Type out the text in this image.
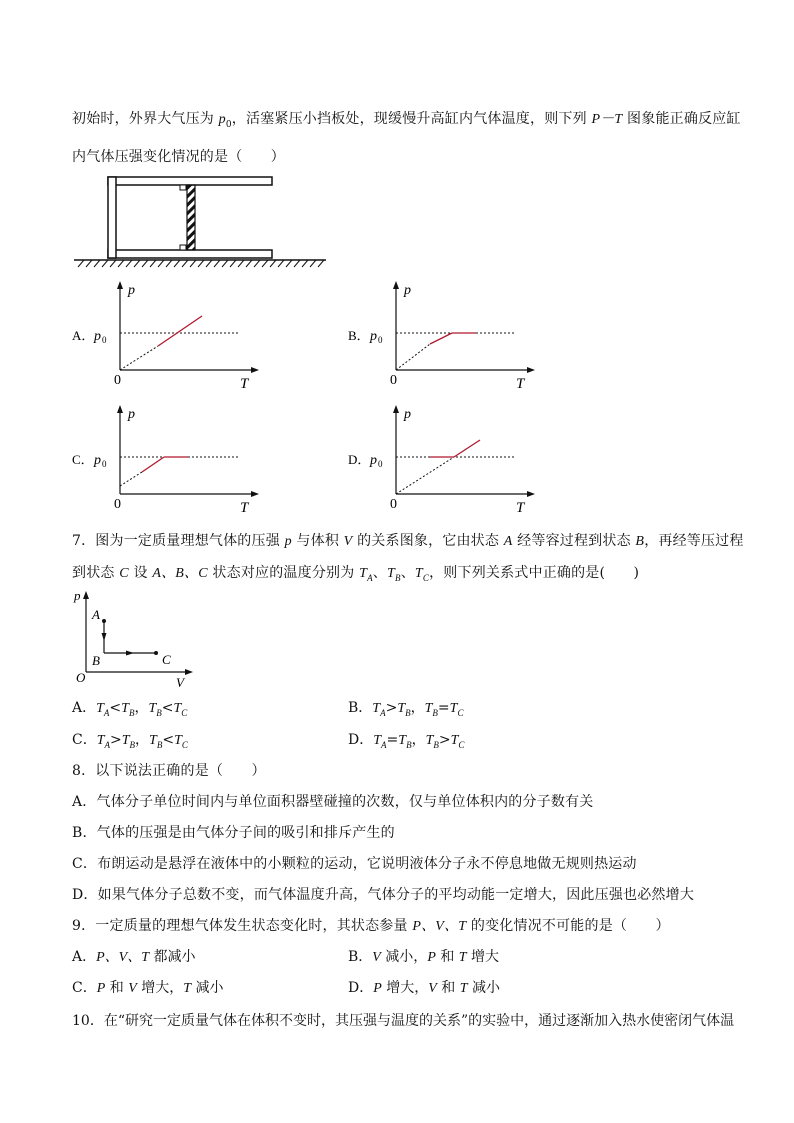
初始时，外界大气压为 $p_0$，活塞紧压小挡板处，现缓慢升高缸内气体温度，则下列 P－T 图象能正确反应缸
内气体压强变化情况的是（　　）
A． p 0
p
0	T
B． p 0
p
0	T
C． p 0
p
0	T
D． p 0
p
0	T
7．图为一定质量理想气体的压强 p 与体积 V 的关系图象，它由状态 A 经等容过程到状态 B，再经等压过程
到状态 C 设 A、B、C 状态对应的温度分别为 $T_A$、$T_B$、$T_C$，则下列关系式中正确的是(　　)
p
O	V
A
B	C
A．$T_A<T_B$，$T_B<T_C$	B．$T_A>T_B$，$T_B=T_C$
C．$T_A>T_B$，$T_B<T_C$	D．$T_A=T_B$，$T_B>T_C$
8．以下说法正确的是（　　）
A．气体分子单位时间内与单位面积器壁碰撞的次数，仅与单位体积内的分子数有关
B．气体的压强是由气体分子间的吸引和排斥产生的
C．布朗运动是悬浮在液体中的小颗粒的运动，它说明液体分子永不停息地做无规则热运动
D．如果气体分子总数不变，而气体温度升高，气体分子的平均动能一定增大，因此压强也必然增大
9．一定质量的理想气体发生状态变化时，其状态参量 P、V、T 的变化情况不可能的是（　　）
A．P、V、T 都减小	B．V 减小，P 和 T 增大
C．P 和 V 增大，T 减小	D．P 增大，V 和 T 减小
10．在“研究一定质量气体在体积不变时，其压强与温度的关系”的实验中，通过逐渐加入热水使密闭气体温
